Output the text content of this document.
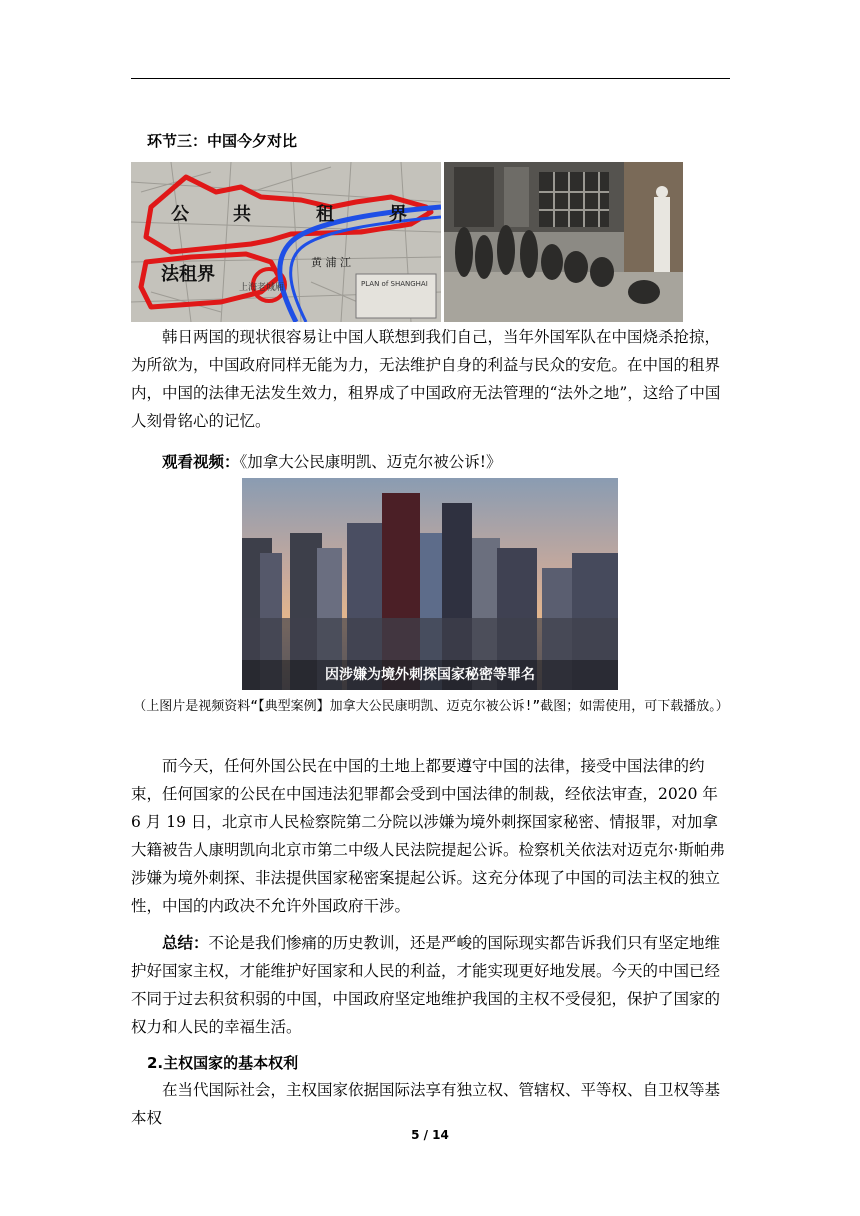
环节三：中国今夕对比
公 共	租	界
法租界
黄 浦 江
上海老城厢	PLAN of SHANGHAI
韩日两国的现状很容易让中国人联想到我们自己，当年外国军队在中国烧杀抢掠，为所欲为，中国政府同样无能为力，无法维护自身的利益与民众的安危。在中国的租界内，中国的法律无法发生效力，租界成了中国政府无法管理的“法外之地”，这给了中国人刻骨铭心的记忆。
观看视频：《加拿大公民康明凯、迈克尔被公诉!》
因涉嫌为境外刺探国家秘密等罪名
（上图片是视频资料“【典型案例】加拿大公民康明凯、迈克尔被公诉!”截图；如需使用，可下载播放。）
而今天，任何外国公民在中国的土地上都要遵守中国的法律，接受中国法律的约束，任何国家的公民在中国违法犯罪都会受到中国法律的制裁，经依法审查，2020 年 6 月 19 日，北京市人民检察院第二分院以涉嫌为境外刺探国家秘密、情报罪，对加拿大籍被告人康明凯向北京市第二中级人民法院提起公诉。检察机关依法对迈克尔·斯帕弗涉嫌为境外刺探、非法提供国家秘密案提起公诉。这充分体现了中国的司法主权的独立性，中国的内政决不允许外国政府干涉。
总结：不论是我们惨痛的历史教训，还是严峻的国际现实都告诉我们只有坚定地维护好国家主权，才能维护好国家和人民的利益，才能实现更好地发展。今天的中国已经不同于过去积贫积弱的中国，中国政府坚定地维护我国的主权不受侵犯，保护了国家的权力和人民的幸福生活。
2.主权国家的基本权利
在当代国际社会，主权国家依据国际法享有独立权、管辖权、平等权、自卫权等基本权
5 / 14
